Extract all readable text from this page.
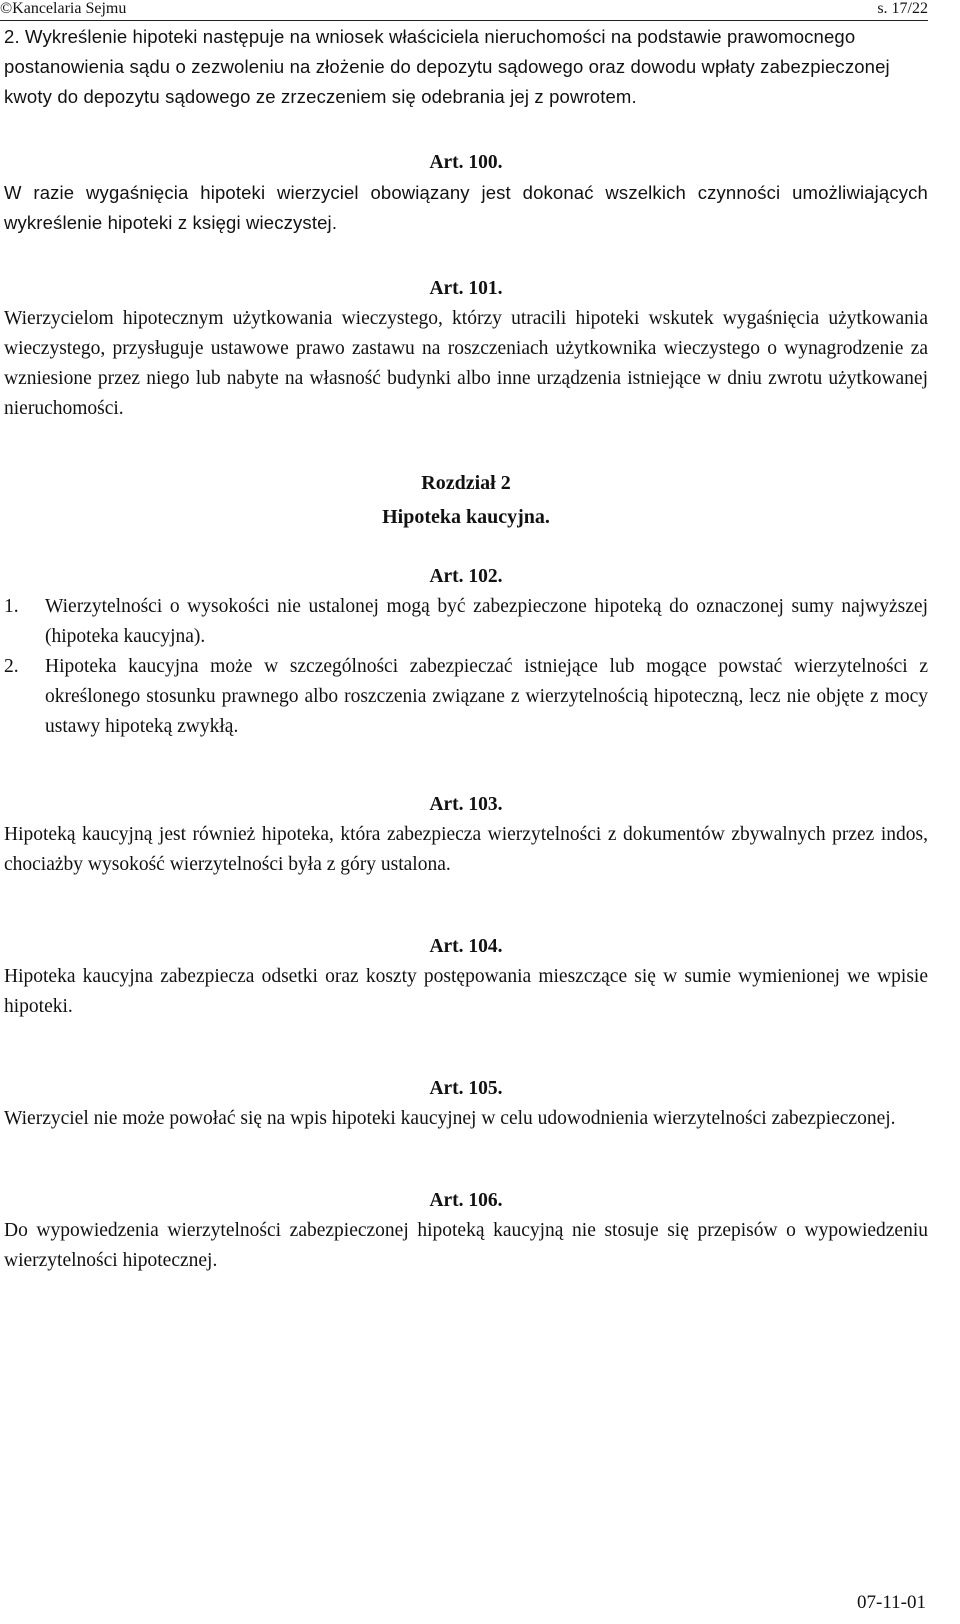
©Kancelaria Sejmu	s. 17/22
2. Wykreślenie hipoteki następuje na wniosek właściciela nieruchomości na podstawie prawomocnego postanowienia sądu o zezwoleniu na złożenie do depozytu sądowego oraz dowodu wpłaty zabezpieczonej kwoty do depozytu sądowego ze zrzeczeniem się odebrania jej z powrotem.
Art. 100.

W razie wygaśnięcia hipoteki wierzyciel obowiązany jest dokonać wszelkich czynności umożliwiających wykreślenie hipoteki z księgi wieczystej.

Art. 101.

Wierzycielom hipotecznym użytkowania wieczystego, którzy utracili hipoteki wskutek wygaśnięcia użytkowania wieczystego, przysługuje ustawowe prawo zastawu na roszczeniach użytkownika wieczystego o wynagrodzenie za wzniesione przez niego lub nabyte na własność budynki albo inne urządzenia istniejące w dniu zwrotu użytkowanej nieruchomości.

Rozdział 2
Hipoteka kaucyjna.
Art. 102.
1. Wierzytelności o wysokości nie ustalonej mogą być zabezpieczone hipoteką do oznaczonej sumy najwyższej (hipoteka kaucyjna).
2. Hipoteka kaucyjna może w szczególności zabezpieczać istniejące lub mogące powstać wierzytelności z określonego stosunku prawnego albo roszczenia związane z wierzytelnością hipoteczną, lecz nie objęte z mocy ustawy hipoteką zwykłą.
Art. 103.

Hipoteką kaucyjną jest również hipoteka, która zabezpiecza wierzytelności z dokumentów zbywalnych przez indos, chociażby wysokość wierzytelności była z góry ustalona.

Art. 104.

Hipoteka kaucyjna zabezpiecza odsetki oraz koszty postępowania mieszczące się w sumie wymienionej we wpisie hipoteki.

Art. 105.

Wierzyciel nie może powołać się na wpis hipoteki kaucyjnej w celu udowodnienia wierzytelności zabezpieczonej.

Art. 106.

Do wypowiedzenia wierzytelności zabezpieczonej hipoteką kaucyjną nie stosuje się przepisów o wypowiedzeniu wierzytelności hipotecznej.

07-11-01
